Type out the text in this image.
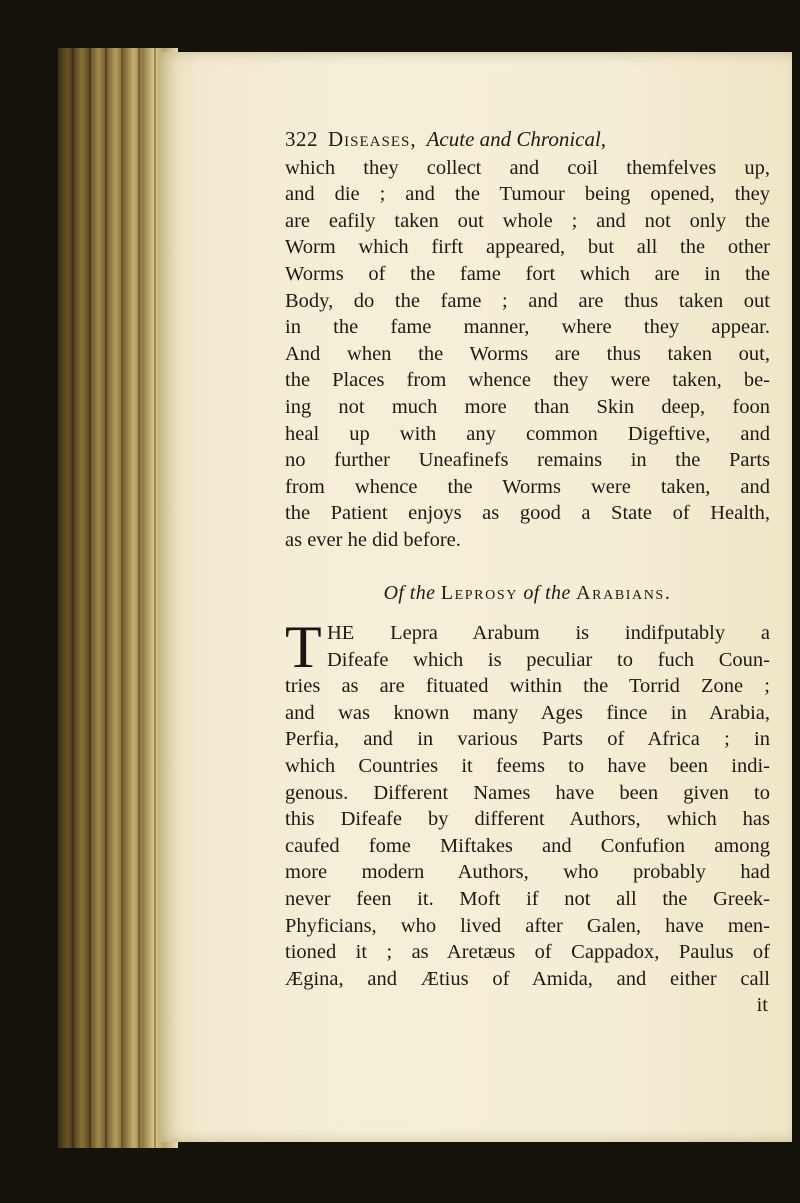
322 Diseases, Acute and Chronical,
which they collect and coil themfelves up,
and die ; and the Tumour being opened, they
are eafily taken out whole ; and not only the
Worm which firft appeared, but all the other
Worms of the fame fort which are in the
Body, do the fame ; and are thus taken out
in the fame manner, where they appear.
And when the Worms are thus taken out,
the Places from whence they were taken, be-
ing not much more than Skin deep, foon
heal up with any common Digeftive, and
no further Uneafinefs remains in the Parts
from whence the Worms were taken, and
the Patient enjoys as good a State of Health,
as ever he did before.
Of the Leprosy of the Arabians.
T HE Lepra Arabum is indifputably a
Difeafe which is peculiar to fuch Coun-
tries as are fituated within the Torrid Zone ;
and was known many Ages fince in Arabia,
Perfia, and in various Parts of Africa ; in
which Countries it feems to have been indi-
genous. Different Names have been given to
this Difeafe by different Authors, which has
caufed fome Miftakes and Confufion among
more modern Authors, who probably had
never feen it. Moft if not all the Greek-
Phyficians, who lived after Galen, have men-
tioned it ; as Aretæus of Cappadox, Paulus of
Ægina, and Ætius of Amida, and either call
it
